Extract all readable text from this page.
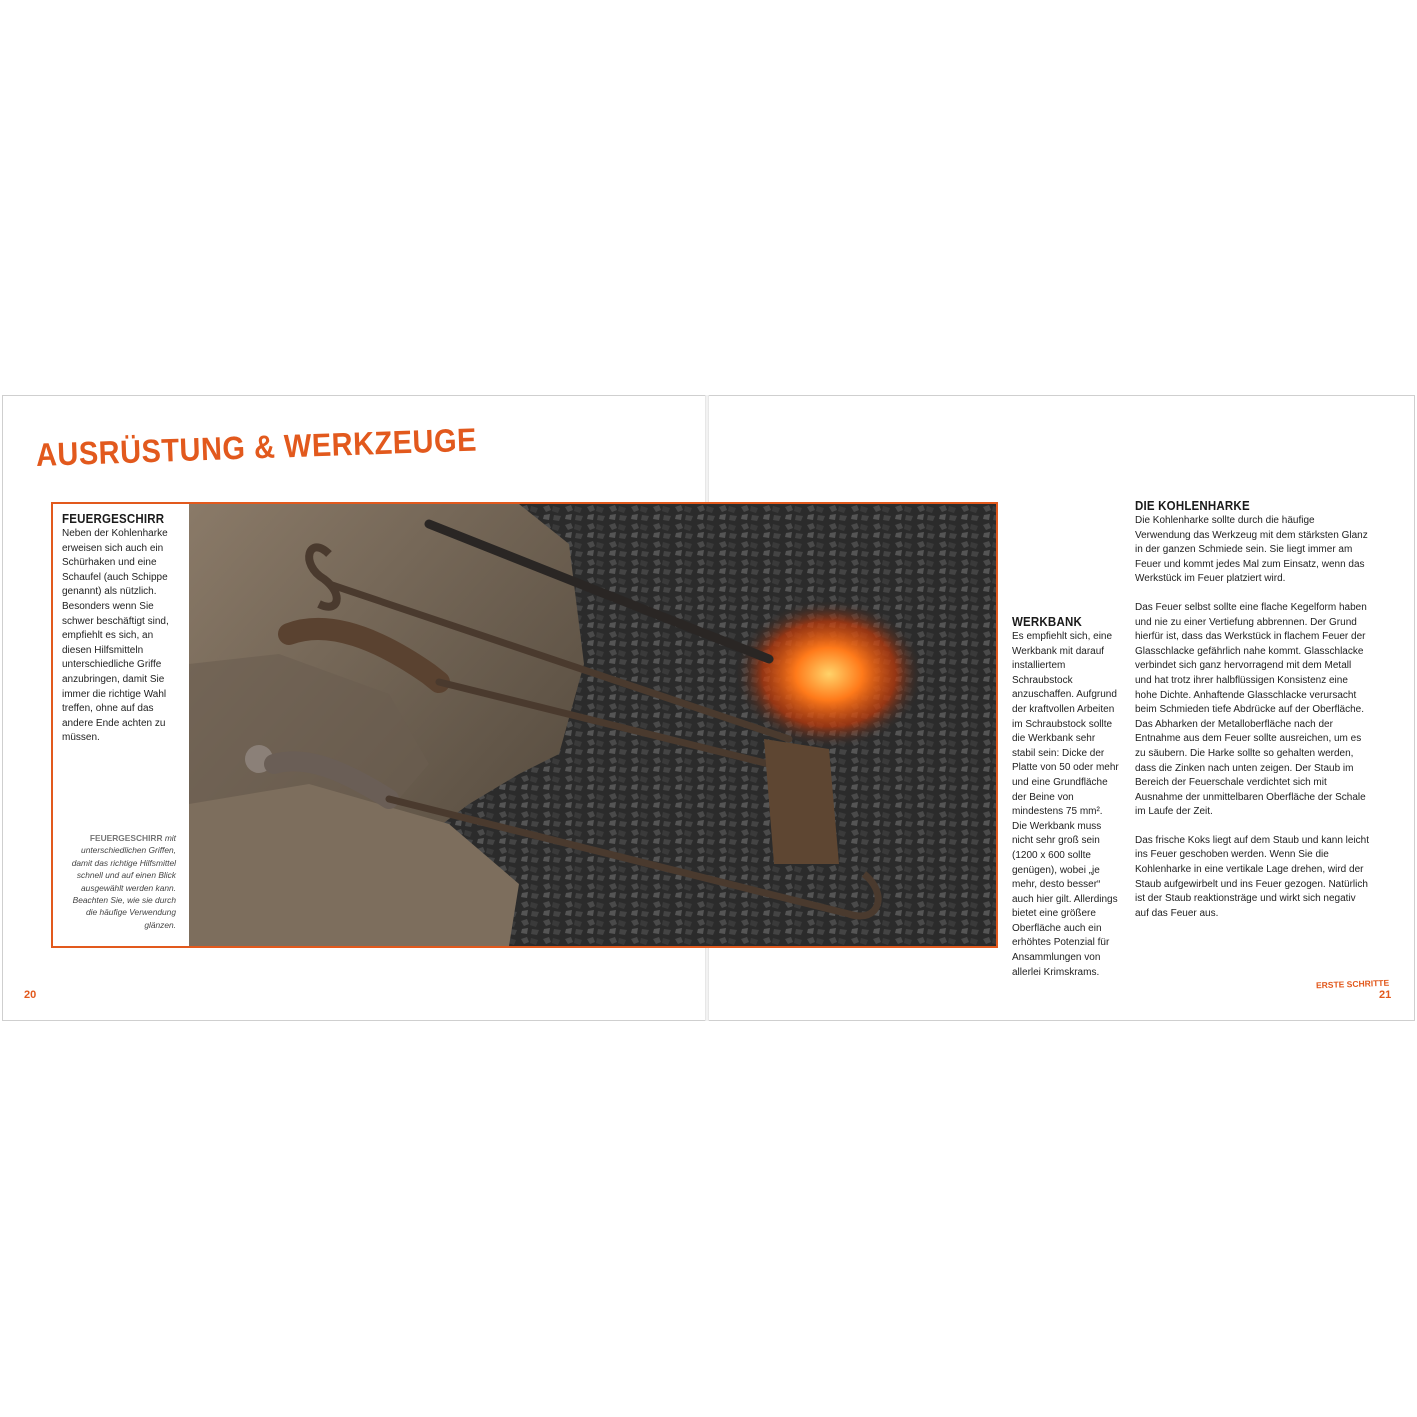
AUSRÜSTUNG & WERKZEUGE
FEUERGESCHIRR

Neben der Kohlenharke erweisen sich auch ein Schürhaken und eine Schaufel (auch Schippe genannt) als nützlich. Besonders wenn Sie schwer beschäftigt sind, empfiehlt es sich, an diesen Hilfsmitteln unterschiedliche Griffe anzubringen, damit Sie immer die richtige Wahl treffen, ohne auf das andere Ende achten zu müssen.

FEUERGESCHIRR mit unterschiedlichen Griffen, damit das richtige Hilfsmittel schnell und auf einen Blick ausgewählt werden kann. Beachten Sie, wie sie durch die häufige Verwendung glänzen.
WERKBANK

Es empfiehlt sich, eine Werkbank mit darauf installiertem Schraubstock anzuschaffen. Aufgrund der kraftvollen Arbeiten im Schraubstock sollte die Werkbank sehr stabil sein: Dicke der Platte von 50 oder mehr und eine Grundfläche der Beine von mindestens 75 mm². Die Werkbank muss nicht sehr groß sein (1200 x 600 sollte genügen), wobei „je mehr, desto besser“ auch hier gilt. Allerdings bietet eine größere Oberfläche auch ein erhöhtes Potenzial für Ansammlungen von allerlei Krimskrams.

DIE KOHLENHARKE

Die Kohlenharke sollte durch die häufige Verwendung das Werkzeug mit dem stärksten Glanz in der ganzen Schmiede sein. Sie liegt immer am Feuer und kommt jedes Mal zum Einsatz, wenn das Werkstück im Feuer platziert wird.

Das Feuer selbst sollte eine flache Kegelform haben und nie zu einer Vertiefung abbrennen. Der Grund hierfür ist, dass das Werkstück in flachem Feuer der Glasschlacke gefährlich nahe kommt. Glasschlacke verbindet sich ganz hervorragend mit dem Metall und hat trotz ihrer halbflüssigen Konsistenz eine hohe Dichte. Anhaftende Glasschlacke verursacht beim Schmieden tiefe Abdrücke auf der Oberfläche. Das Abharken der Metalloberfläche nach der Entnahme aus dem Feuer sollte ausreichen, um es zu säubern. Die Harke sollte so gehalten werden, dass die Zinken nach unten zeigen. Der Staub im Bereich der Feuerschale verdichtet sich mit Ausnahme der unmittelbaren Oberfläche der Schale im Laufe der Zeit.

Das frische Koks liegt auf dem Staub und kann leicht ins Feuer geschoben werden. Wenn Sie die Kohlenharke in eine vertikale Lage drehen, wird der Staub aufgewirbelt und ins Feuer gezogen. Natürlich ist der Staub reaktionsträge und wirkt sich negativ auf das Feuer aus.

20
ERSTE SCHRITTE
21
